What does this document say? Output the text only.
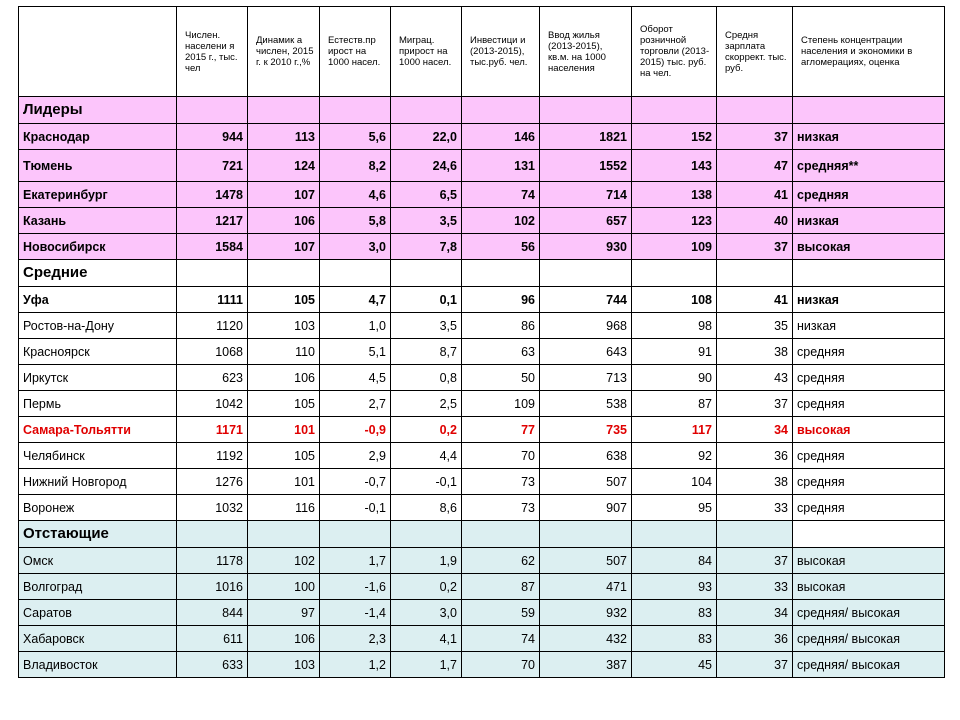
	Числен. населени я 2015 г., тыс. чел	Динамик а числен, 2015 г. к 2010 г.,%	Естеств.пр ирост на 1000 насел.	Миграц. прирост на 1000 насел.	Инвестици и (2013-2015), тыс.руб. чел.	Ввод жилья (2013-2015), кв.м. на 1000 населения	Оборот розничной торговли (2013-2015) тыс. руб. на чел.	Средня зарплата скоррект. тыс. руб.	Степень концентрации населения и экономики в агломерациях, оценка
Лидеры									
Краснодар	944	113	5,6	22,0	146	1821	152	37	низкая
Тюмень	721	124	8,2	24,6	131	1552	143	47	средняя**
Екатеринбург	1478	107	4,6	6,5	74	714	138	41	средняя
Казань	1217	106	5,8	3,5	102	657	123	40	низкая
Новосибирск	1584	107	3,0	7,8	56	930	109	37	высокая
Средние									
Уфа	1111	105	4,7	0,1	96	744	108	41	низкая
Ростов-на-Дону	1120	103	1,0	3,5	86	968	98	35	низкая
Красноярск	1068	110	5,1	8,7	63	643	91	38	средняя
Иркутск	623	106	4,5	0,8	50	713	90	43	средняя
Пермь	1042	105	2,7	2,5	109	538	87	37	средняя
Самара-Тольятти	1171	101	-0,9	0,2	77	735	117	34	высокая
Челябинск	1192	105	2,9	4,4	70	638	92	36	средняя
Нижний Новгород	1276	101	-0,7	-0,1	73	507	104	38	средняя
Воронеж	1032	116	-0,1	8,6	73	907	95	33	средняя
Отстающие									
Омск	1178	102	1,7	1,9	62	507	84	37	высокая
Волгоград	1016	100	-1,6	0,2	87	471	93	33	высокая
Саратов	844	97	-1,4	3,0	59	932	83	34	средняя/ высокая
Хабаровск	611	106	2,3	4,1	74	432	83	36	средняя/ высокая
Владивосток	633	103	1,2	1,7	70	387	45	37	средняя/ высокая
